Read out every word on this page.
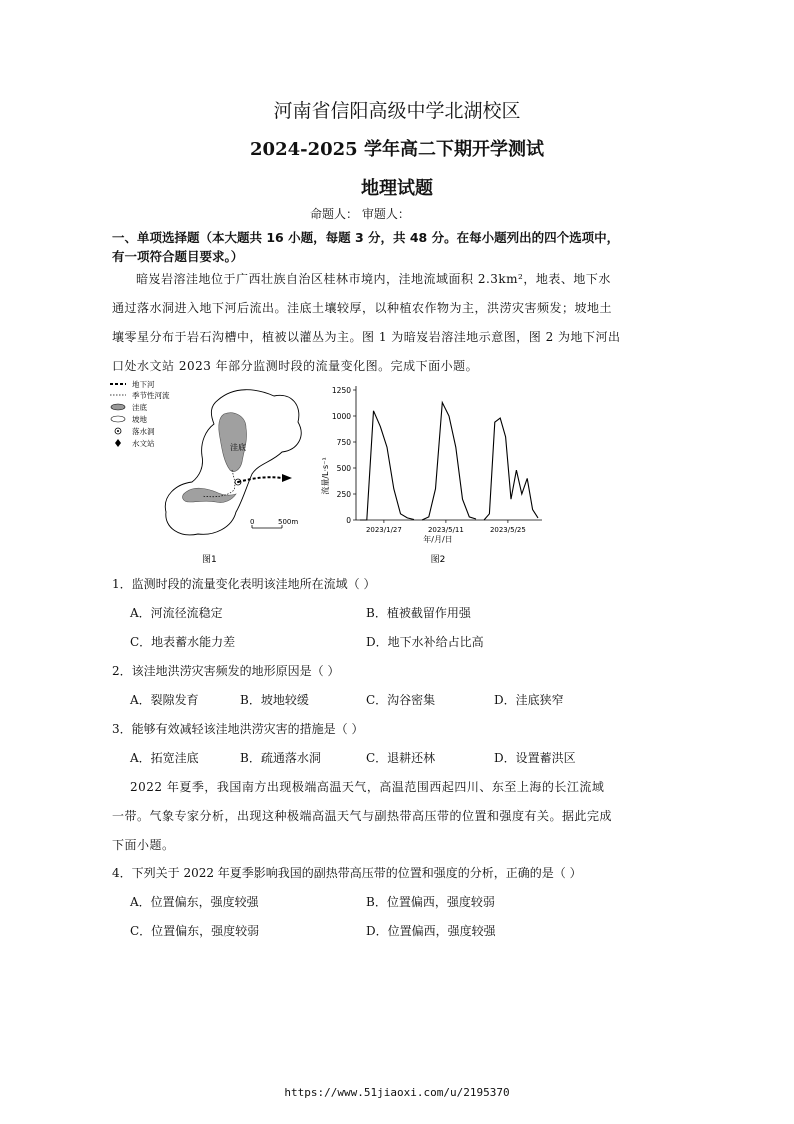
河南省信阳高级中学北湖校区
2024-2025 学年高二下期开学测试
地理试题
命题人： 审题人：
一、单项选择题（本大题共 16 小题，每题 3 分，共 48 分。在每小题列出的四个选项中，
有一项符合题目要求。）
暗岌岩溶洼地位于广西壮族自治区桂林市境内，洼地流域面积 2.3km²，地表、地下水
通过落水洞进入地下河后流出。洼底土壤较厚，以种植农作物为主，洪涝灾害频发；坡地土
壤零星分布于岩石沟槽中，植被以灌丛为主。图 1 为暗岌岩溶洼地示意图，图 2 为地下河出
口处水文站 2023 年部分监测时段的流量变化图。完成下面小题。
地下河
季节性河流
洼底
坡地
落水洞
水文站	洼底
0	500m
图1
0
250
500
750
1000
1250
2023/1/27	2023/5/11	2023/5/25
流量/L·s⁻¹
年/月/日
图2
1．监测时段的流量变化表明该洼地所在流域（ ）
A．河流径流稳定	B．植被截留作用强
C．地表蓄水能力差	D．地下水补给占比高
2．该洼地洪涝灾害频发的地形原因是（ ）
A．裂隙发育	B．坡地较缓	C．沟谷密集	D．洼底狭窄
3．能够有效减轻该洼地洪涝灾害的措施是（ ）
A．拓宽洼底	B．疏通落水洞	C．退耕还林	D．设置蓄洪区
2022 年夏季，我国南方出现极端高温天气，高温范围西起四川、东至上海的长江流域
一带。气象专家分析，出现这种极端高温天气与副热带高压带的位置和强度有关。据此完成
下面小题。
4．下列关于 2022 年夏季影响我国的副热带高压带的位置和强度的分析，正确的是（ ）
A．位置偏东，强度较强	B．位置偏西，强度较弱
C．位置偏东，强度较弱	D．位置偏西，强度较强
https://www.51jiaoxi.com/u/2195370
